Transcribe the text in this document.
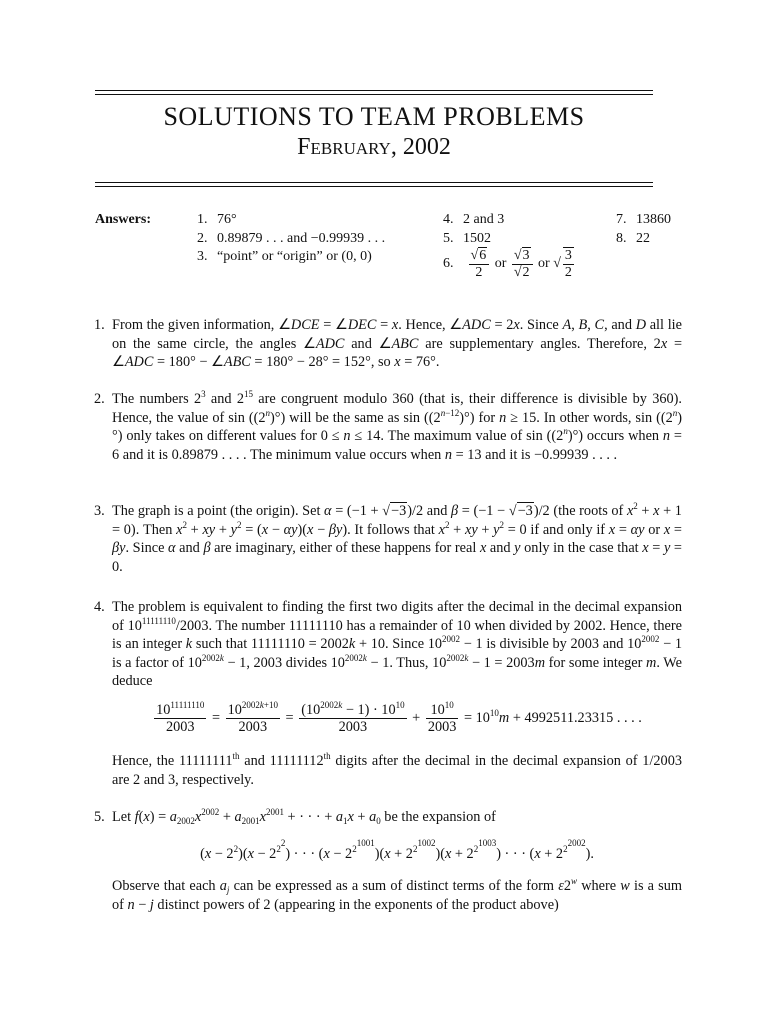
SOLUTIONS TO TEAM PROBLEMS
February, 2002
Answers:	1. 76°
2. 0.89879 . . . and −0.99939 . . .
3. “point” or “origin” or (0, 0)
4. 2 and 3
5. 1502
6. $\frac{√6}{2}$ or $\frac{√3}{√2}$ or √ $\frac{3}{2}$
7. 13860
8. 22
1. From the given information, ∠DCE = ∠DEC = x. Hence, ∠ADC = 2x. Since A, B, C, and D all lie on the same circle, the angles ∠ADC and ∠ABC are supplementary angles. Therefore, 2x = ∠ADC = 180° − ∠ABC = 180° − 28° = 152°, so x = 76°.
2. The numbers $2^3$ and $2^{15}$ are congruent modulo 360 (that is, their difference is divisible by 360). Hence, the value of sin ((2$^n$)°) will be the same as $\sin ((2^{n-12})^\circ)$ for n ≥ 15. In other words, sin ((2$^n$)°) only takes on different values for 0 ≤ n ≤ 14. The maximum value of sin ((2$^n$)°) occurs when n = 6 and it is 0.89879 . . . . The minimum value occurs when n = 13 and it is −0.99939 . . . .
3. The graph is a point (the origin). Set α = (−1 + √−3)/2 and β = (−1 − √−3)/2 (the roots of $x^2 + x + 1 = 0$). Then $x^2$ + xy + $y^2 = (x - \alpha y)(x - \beta y)$. It follows that $x^2$ + xy + $y^2 = 0$ if and only if x = αy or x = βy. Since α and β are imaginary, either of these happens for real x and y only in the case that x = y = 0.
4. The problem is equivalent to finding the first two digits after the decimal in the decimal expansion of $10^{11111110}/2003$. The number 11111110 has a remainder of 10 when divided by 2002. Hence, there is an integer k such that 11111110 = 2002k + 10. Since $10^{2002} - 1$ is divisible by 2003 and $10^{2002} - 1$ is a factor of $10^{2002k} - 1$, 2003 divides $10^{2002k} - 1$. Thus, $10^{2002k} - 1 = 2003m$ for some integer m. We deduce
$\frac{10^{11111110}}{2003} = \frac{10^{2002k+10}}{2003} = \frac{(10^{2002k} - 1) \cdot 10^{10}}{2003} + \frac{10^{10}}{2003} = 10^{10}m + 4992511.23315$ . . . .
Hence, the 11111111th and 11111112th digits after the decimal in the decimal expansion of 1/2003 are 2 and 3, respectively.
5. Let $f(x) = a_{2002}x^{2002} + a_{2001}x^{2001}$ + · · · + $a_1x + a_0$ be the expansion of
$(x - 2^2)(x - 2^{2^2})$ · · · $(x - 2^{2^{1001}})(x + 2^{2^{1002}})(x + 2^{2^{1003}})$ · · · $(x + 2^{2^{2002}})$.
Observe that each $a_j$ can be expressed as a sum of distinct terms of the form ε2$^w$ where w is a sum of n − j distinct powers of 2 (appearing in the exponents of the product above)
